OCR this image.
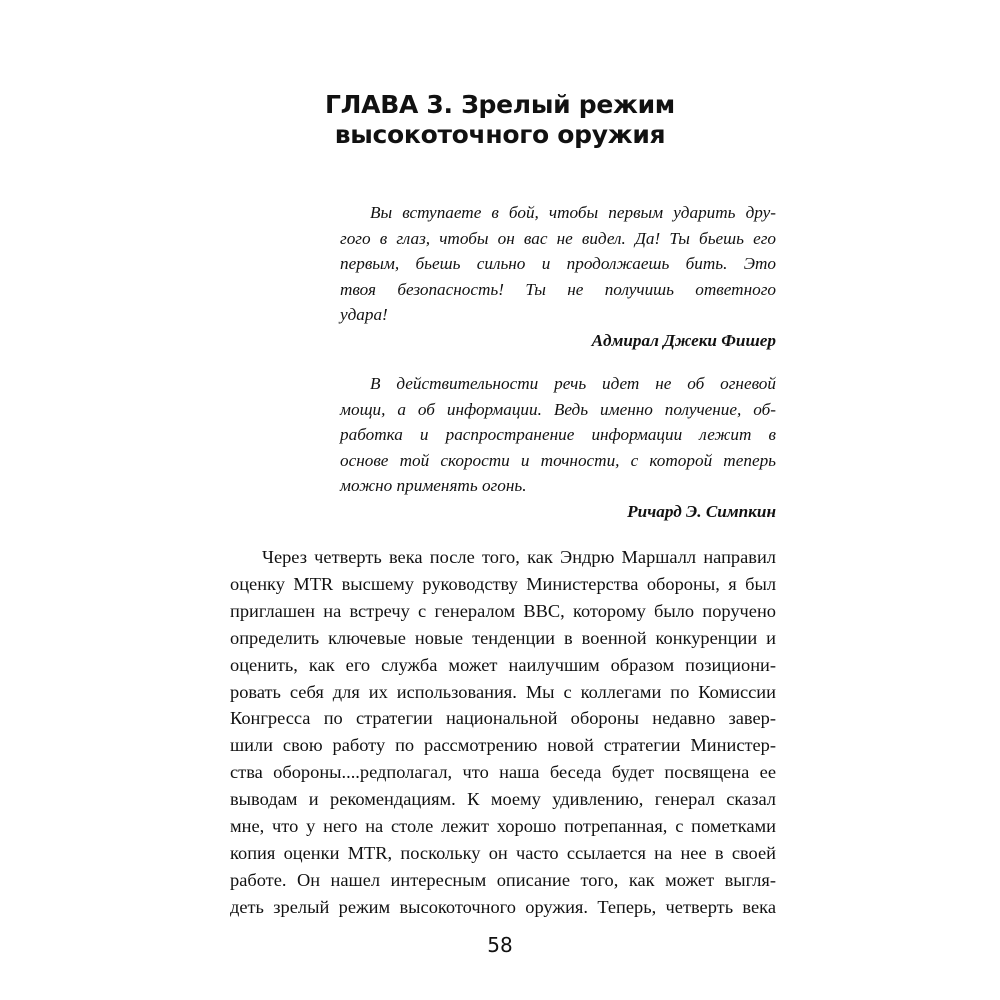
ГЛАВА 3. Зрелый режим
высокоточного оружия
Вы вступаете в бой, чтобы первым ударить дру-
гого в глаз, чтобы он вас не видел. Да! Ты бьешь его
первым, бьешь сильно и продолжаешь бить. Это
твоя безопасность! Ты не получишь ответного
удара!
Адмирал Джеки Фишер
В действительности речь идет не об огневой
мощи, а об информации. Ведь именно получение, об-
работка и распространение информации лежит в
основе той скорости и точности, с которой теперь
можно применять огонь.
Ричард Э. Симпкин
Через четверть века после того, как Эндрю Маршалл направил
оценку MTR высшему руководству Министерства обороны, я был
приглашен на встречу с генералом ВВС, которому было поручено
определить ключевые новые тенденции в военной конкуренции и
оценить, как его служба может наилучшим образом позициони-
ровать себя для их использования. Мы с коллегами по Комиссии
Конгресса по стратегии национальной обороны недавно завер-
шили свою работу по рассмотрению новой стратегии Министер-
ства обороны....редполагал, что наша беседа будет посвящена ее
выводам и рекомендациям. К моему удивлению, генерал сказал
мне, что у него на столе лежит хорошо потрепанная, с пометками
копия оценки MTR, поскольку он часто ссылается на нее в своей
работе. Он нашел интересным описание того, как может выгля-
деть зрелый режим высокоточного оружия. Теперь, четверть века
58
